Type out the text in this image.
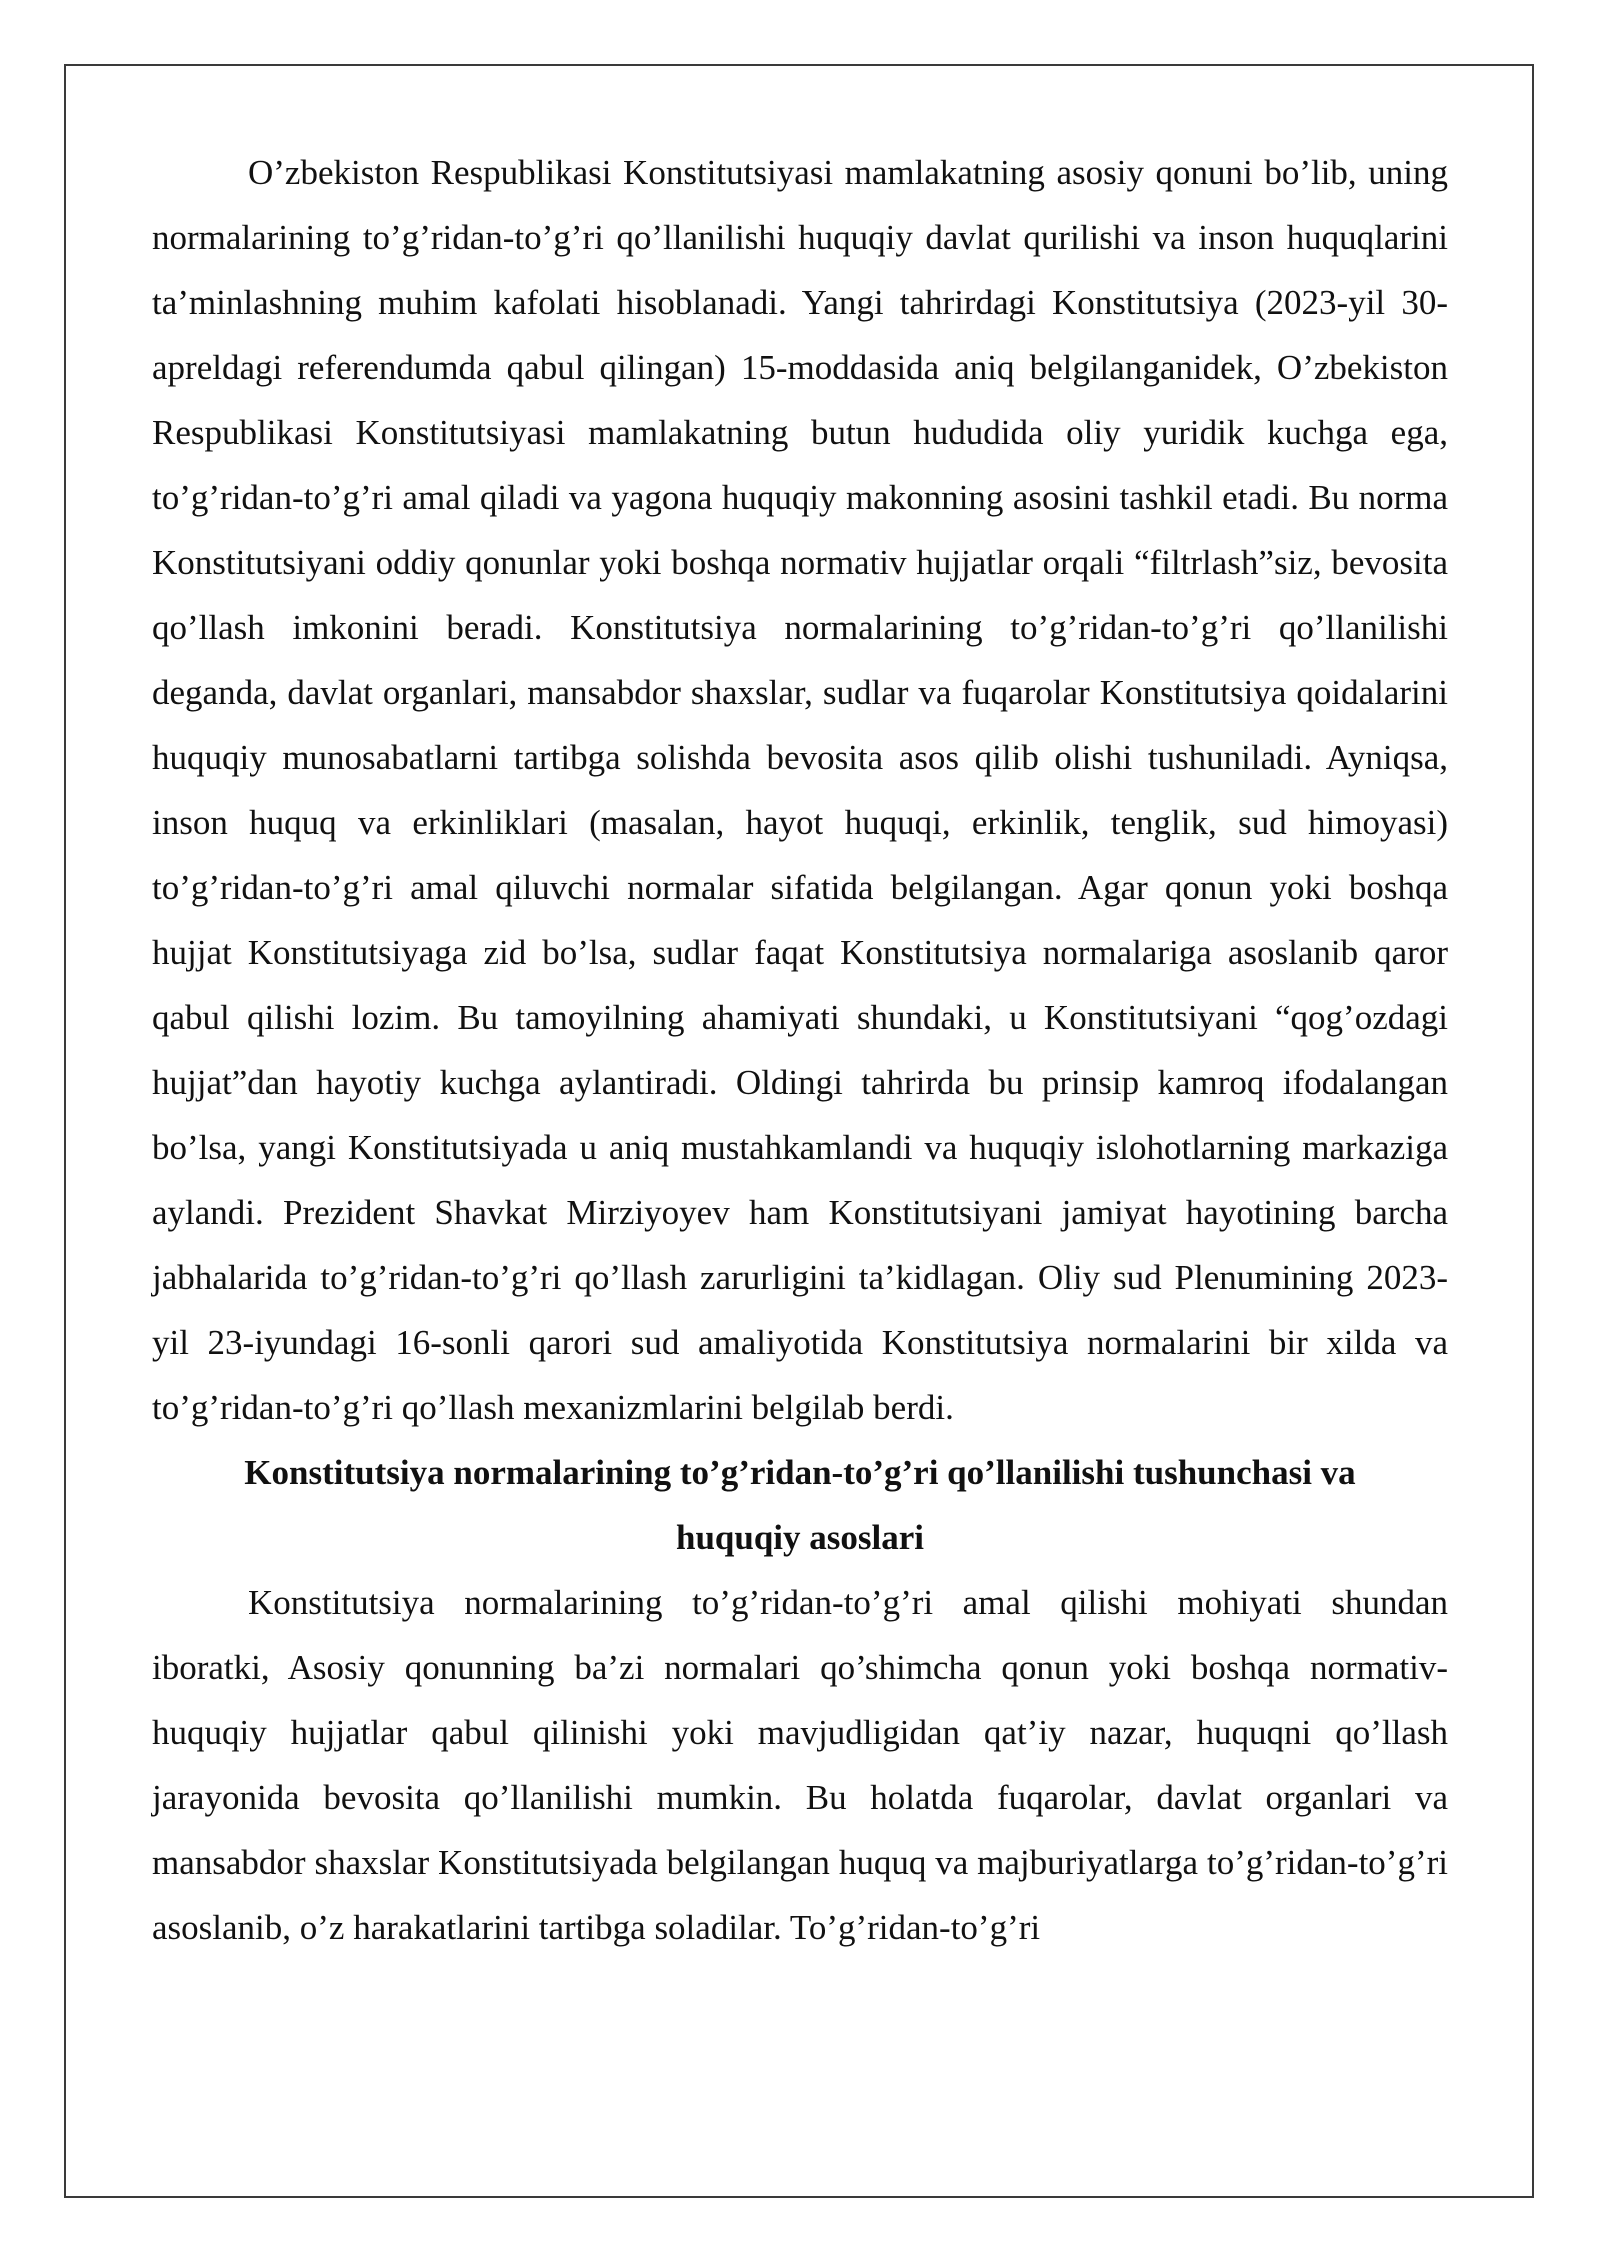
O’zbekiston Respublikasi Konstitutsiyasi mamlakatning asosiy qonuni bo’lib, uning normalarining to’g’ridan-to’g’ri qo’llanilishi huquqiy davlat qurilishi va inson huquqlarini ta’minlashning muhim kafolati hisoblanadi. Yangi tahrirdagi Konstitutsiya (2023-yil 30-apreldagi referendumda qabul qilingan) 15-moddasida aniq belgilanganidek, O’zbekiston Respublikasi Konstitutsiyasi mamlakatning butun hududida oliy yuridik kuchga ega, to’g’ridan-to’g’ri amal qiladi va yagona huquqiy makonning asosini tashkil etadi. Bu norma Konstitutsiyani oddiy qonunlar yoki boshqa normativ hujjatlar orqali “filtrlash”siz, bevosita qo’llash imkonini beradi. Konstitutsiya normalarining to’g’ridan-to’g’ri qo’llanilishi deganda, davlat organlari, mansabdor shaxslar, sudlar va fuqarolar Konstitutsiya qoidalarini huquqiy munosabatlarni tartibga solishda bevosita asos qilib olishi tushuniladi. Ayniqsa, inson huquq va erkinliklari (masalan, hayot huquqi, erkinlik, tenglik, sud himoyasi) to’g’ridan-to’g’ri amal qiluvchi normalar sifatida belgilangan. Agar qonun yoki boshqa hujjat Konstitutsiyaga zid bo’lsa, sudlar faqat Konstitutsiya normalariga asoslanib qaror qabul qilishi lozim. Bu tamoyilning ahamiyati shundaki, u Konstitutsiyani “qog’ozdagi hujjat”dan hayotiy kuchga aylantiradi. Oldingi tahrirda bu prinsip kamroq ifodalangan bo’lsa, yangi Konstitutsiyada u aniq mustahkamlandi va huquqiy islohotlarning markaziga aylandi. Prezident Shavkat Mirziyoyev ham Konstitutsiyani jamiyat hayotining barcha jabhalarida to’g’ridan-to’g’ri qo’llash zarurligini ta’kidlagan. Oliy sud Plenumining 2023-yil 23-iyundagi 16-sonli qarori sud amaliyotida Konstitutsiya normalarini bir xilda va to’g’ridan-to’g’ri qo’llash mexanizmlarini belgilab berdi.

Konstitutsiya normalarining to’g’ridan-to’g’ri qo’llanilishi tushunchasi va huquqiy asoslari

Konstitutsiya normalarining to’g’ridan-to’g’ri amal qilishi mohiyati shundan iboratki, Asosiy qonunning ba’zi normalari qo’shimcha qonun yoki boshqa normativ-huquqiy hujjatlar qabul qilinishi yoki mavjudligidan qat’iy nazar, huquqni qo’llash jarayonida bevosita qo’llanilishi mumkin. Bu holatda fuqarolar, davlat organlari va mansabdor shaxslar Konstitutsiyada belgilangan huquq va majburiyatlarga to’g’ridan-to’g’ri asoslanib, o’z harakatlarini tartibga soladilar. To’g’ridan-to’g’ri
